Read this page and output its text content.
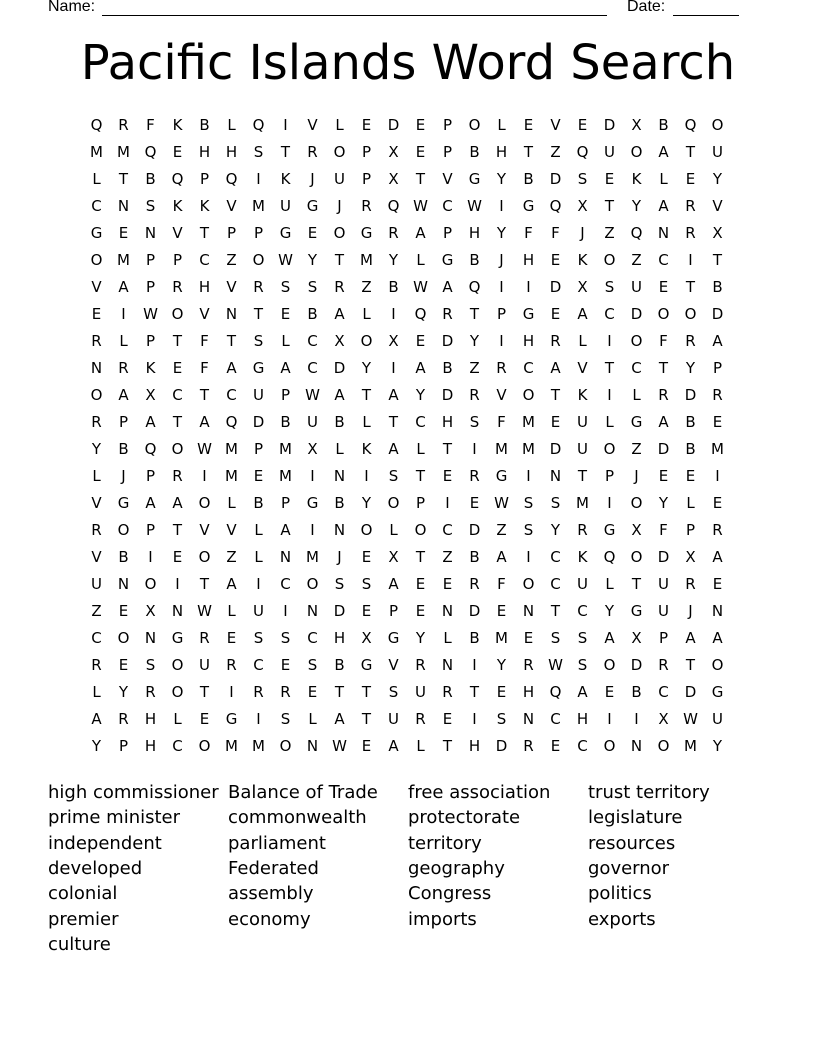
Name:	Date:
Pacific Islands Word Search
Q R F K B L Q I V L E D E P O L E V E D X B Q O
M M Q E H H S T R O P X E P B H T Z Q U O A T U
L T B Q P Q I K J U P X T V G Y B D S E K L E Y
C N S K K V M U G J R Q W C W I G Q X T Y A R V
G E N V T P P G E O G R A P H Y F F J Z Q N R X
O M P P C Z O W Y T M Y L G B J H E K O Z C I T
V A P R H V R S S R Z B W A Q I I D X S U E T B
E I W O V N T E B A L I Q R T P G E A C D O O D
R L P T F T S L C X O X E D Y I H R L I O F R A
N R K E F A G A C D Y I A B Z R C A V T C T Y P
O A X C T C U P W A T A Y D R V O T K I L R D R
R P A T A Q D B U B L T C H S F M E U L G A B E
Y B Q O W M P M X L K A L T I M M D U O Z D B M
L J P R I M E M I N I S T E R G I N T P J E E I
V G A A O L B P G B Y O P I E W S S M I O Y L E
R O P T V V L A I N O L O C D Z S Y R G X F P R
V B I E O Z L N M J E X T Z B A I C K Q O D X A
U N O I T A I C O S S A E E R F O C U L T U R E
Z E X N W L U I N D E P E N D E N T C Y G U J N
C O N G R E S S C H X G Y L B M E S S A X P A A
R E S O U R C E S B G V R N I Y R W S O D R T O
L Y R O T I R R E T T S U R T E H Q A E B C D G
A R H L E G I S L A T U R E I S N C H I I X W U
Y P H C O M M O N W E A L T H D R E C O N O M Y
high commissioner
prime minister
independent
developed
colonial
premier
culture
Balance of Trade
commonwealth
parliament
Federated
assembly
economy
free association
protectorate
territory
geography
Congress
imports
trust territory
legislature
resources
governor
politics
exports
